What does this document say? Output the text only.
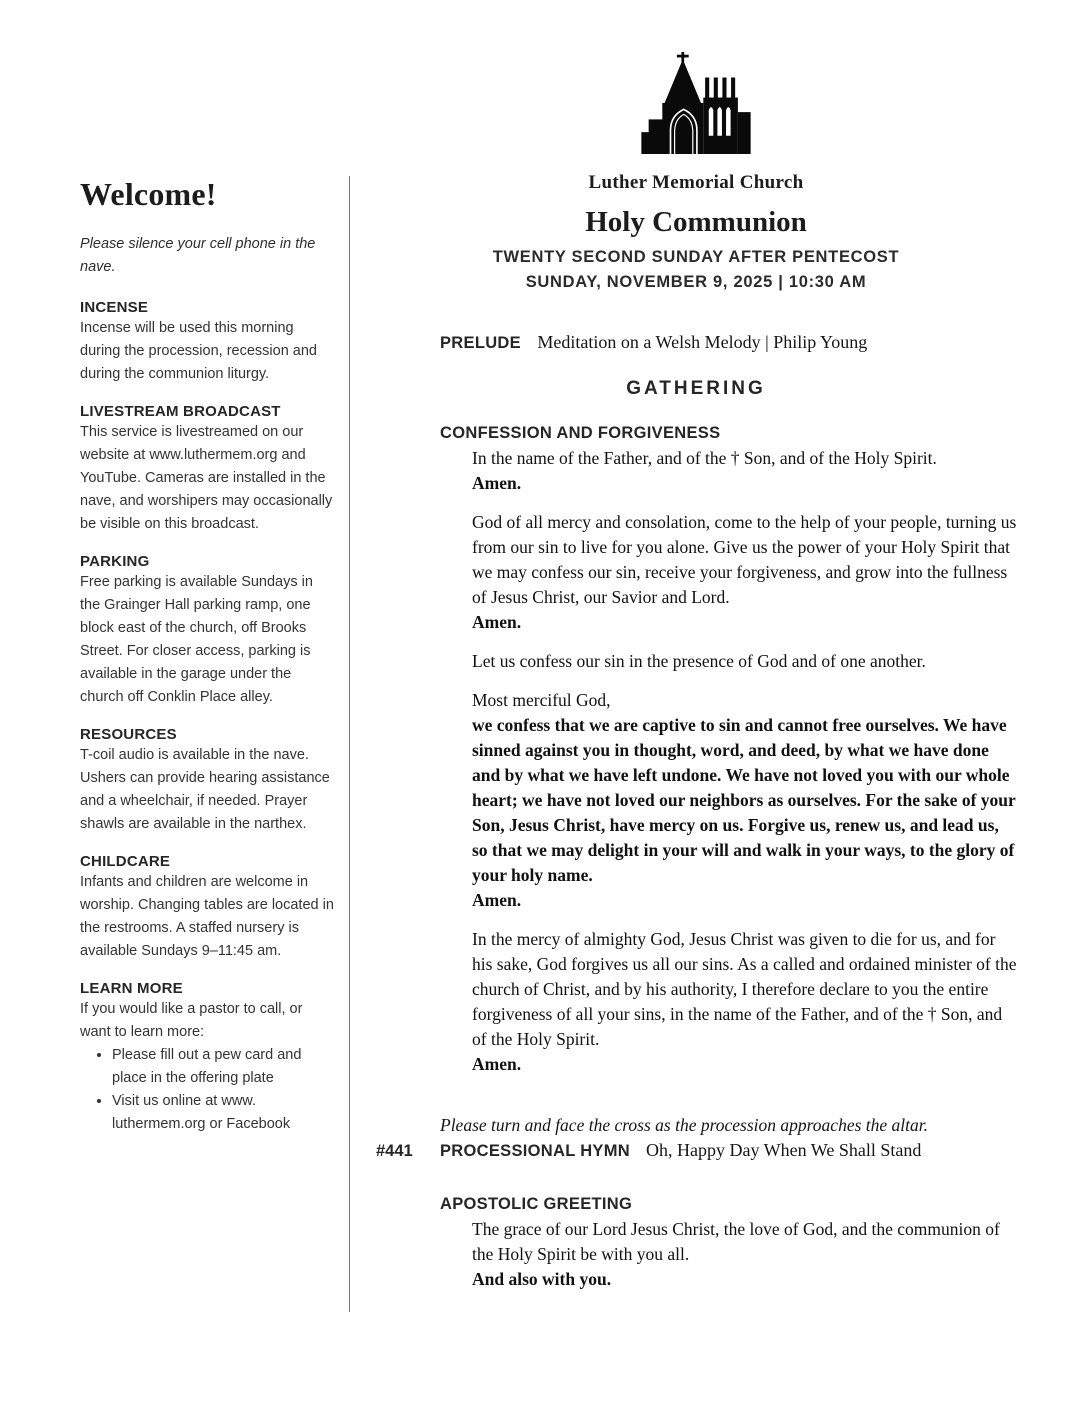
Welcome!

Please silence your cell phone in the nave.

INCENSE

Incense will be used this morning during the procession, recession and during the communion liturgy.

LIVESTREAM BROADCAST

This service is livestreamed on our website at www.luthermem.org and YouTube. Cameras are installed in the nave, and worshipers may occasionally be visible on this broadcast.

PARKING

Free parking is available Sundays in the Grainger Hall parking ramp, one block east of the church, off Brooks Street. For closer access, parking is available in the garage under the church off Conklin Place alley.

RESOURCES

T-coil audio is available in the nave. Ushers can provide hearing assistance and a wheelchair, if needed. Prayer shawls are available in the narthex.

CHILDCARE

Infants and children are welcome in worship. Changing tables are located in the restrooms. A staffed nursery is available Sundays 9–11:45 am.

LEARN MORE

If you would like a pastor to call, or want to learn more:

• Please fill out a pew card and place in the offering plate
• Visit us online at www. luthermem.org or Facebook
Luther Memorial Church
Holy Communion
TWENTY SECOND SUNDAY AFTER PENTECOST
SUNDAY, NOVEMBER 9, 2025 | 10:30 AM
PRELUDE Meditation on a Welsh Melody | Philip Young
GATHERING
CONFESSION AND FORGIVENESS

In the name of the Father, and of the † Son, and of the Holy Spirit.

Amen.

God of all mercy and consolation, come to the help of your people, turning us from our sin to live for you alone. Give us the power of your Holy Spirit that we may confess our sin, receive your forgiveness, and grow into the fullness of Jesus Christ, our Savior and Lord.

Amen.

Let us confess our sin in the presence of God and of one another.

Most merciful God,

we confess that we are captive to sin and cannot free ourselves. We have sinned against you in thought, word, and deed, by what we have done and by what we have left undone. We have not loved you with our whole heart; we have not loved our neighbors as ourselves. For the sake of your Son, Jesus Christ, have mercy on us. Forgive us, renew us, and lead us, so that we may delight in your will and walk in your ways, to the glory of your holy name.

Amen.

In the mercy of almighty God, Jesus Christ was given to die for us, and for his sake, God forgives us all our sins. As a called and ordained minister of the church of Christ, and by his authority, I therefore declare to you the entire forgiveness of all your sins, in the name of the Father, and of the † Son, and of the Holy Spirit.

Amen.

Please turn and face the cross as the procession approaches the altar.

#441	PROCESSIONAL HYMN Oh, Happy Day When We Shall Stand
APOSTOLIC GREETING

The grace of our Lord Jesus Christ, the love of God, and the communion of the Holy Spirit be with you all.

And also with you.
